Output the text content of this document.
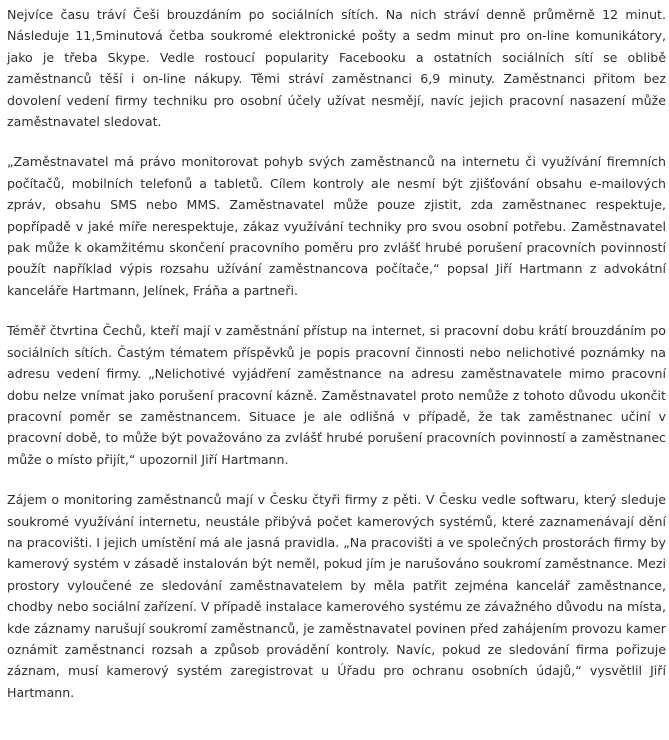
Nejvíce času tráví Češi brouzdáním po sociálních sítích. Na nich stráví denně průměrně 12 minut. Následuje 11,5minutová četba soukromé elektronické pošty a sedm minut pro on-line komunikátory, jako je třeba Skype. Vedle rostoucí popularity Facebooku a ostatních sociálních sítí se oblibě zaměstnanců těší i on-line nákupy. Těmi stráví zaměstnanci 6,9 minuty. Zaměstnanci přitom bez dovolení vedení firmy techniku pro osobní účely užívat nesmějí, navíc jejich pracovní nasazení může zaměstnavatel sledovat.

„Zaměstnavatel má právo monitorovat pohyb svých zaměstnanců na internetu či využívání firemních počítačů, mobilních telefonů a tabletů. Cílem kontroly ale nesmí být zjišťování obsahu e-mailových zpráv, obsahu SMS nebo MMS. Zaměstnavatel může pouze zjistit, zda zaměstnanec respektuje, popřípadě v jaké míře nerespektuje, zákaz využívání techniky pro svou osobní potřebu. Zaměstnavatel pak může k okamžitému skončení pracovního poměru pro zvlášť hrubé porušení pracovních povinností použít například výpis rozsahu užívání zaměstnancova počítače,“ popsal Jiří Hartmann z advokátní kanceláře Hartmann, Jelínek, Fráňa a partneři.

Téměř čtvrtina Čechů, kteří mají v zaměstnání přístup na internet, si pracovní dobu krátí brouzdáním po sociálních sítích. Častým tématem příspěvků je popis pracovní činnosti nebo nelichotivé poznámky na adresu vedení firmy. „Nelichotivé vyjádření zaměstnance na adresu zaměstnavatele mimo pracovní dobu nelze vnímat jako porušení pracovní kázně. Zaměstnavatel proto nemůže z tohoto důvodu ukončit pracovní poměr se zaměstnancem. Situace je ale odlišná v případě, že tak zaměstnanec učiní v pracovní době, to může být považováno za zvlášť hrubé porušení pracovních povinností a zaměstnanec může o místo přijít,“ upozornil Jiří Hartmann.

Zájem o monitoring zaměstnanců mají v Česku čtyři firmy z pěti. V Česku vedle softwaru, který sleduje soukromé využívání internetu, neustále přibývá počet kamerových systémů, které zaznamenávají dění na pracovišti. I jejich umístění má ale jasná pravidla. „Na pracovišti a ve společných prostorách firmy by kamerový systém v zásadě instalován být neměl, pokud jím je narušováno soukromí zaměstnance. Mezi prostory vyloučené ze sledování zaměstnavatelem by měla patřit zejména kancelář zaměstnance, chodby nebo sociální zařízení. V případě instalace kamerového systému ze závažného důvodu na místa, kde záznamy narušují soukromí zaměstnanců, je zaměstnavatel povinen před zahájením provozu kamer oznámit zaměstnanci rozsah a způsob provádění kontroly. Navíc, pokud ze sledování firma pořizuje záznam, musí kamerový systém zaregistrovat u Úřadu pro ochranu osobních údajů,“ vysvětlil Jiří Hartmann.
